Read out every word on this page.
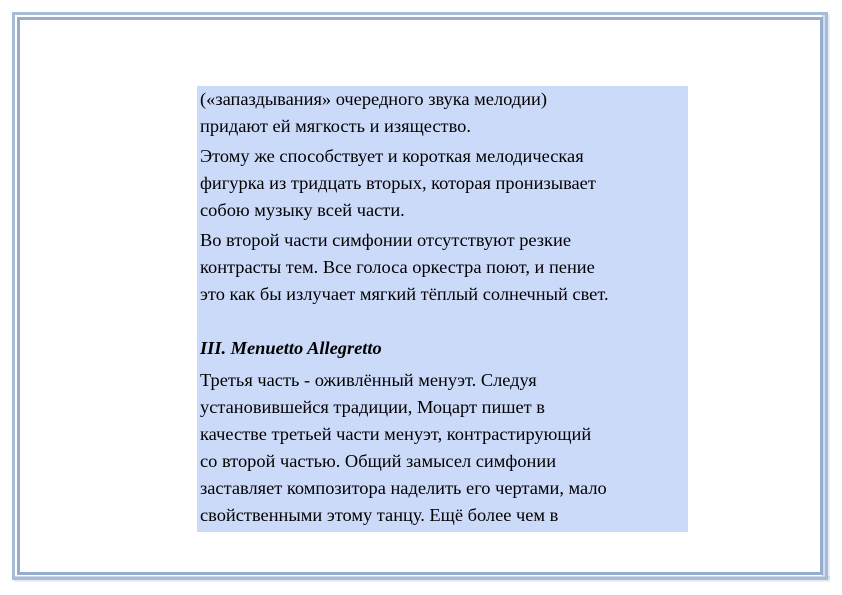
(«запаздывания» очередного звука мелодии)
придают ей мягкость и изящество.
Этому же способствует и короткая мелодическая
фигурка из тридцать вторых, которая пронизывает
собою музыку всей части.
Во второй части симфонии отсутствуют резкие
контрасты тем. Все голоса оркестра поют, и пение
это как бы излучает мягкий тёплый солнечный свет.
III. Menuetto Allegretto
Третья часть - оживлённый менуэт. Следуя
установившейся традиции, Моцарт пишет в
качестве третьей части менуэт, контрастирующий
со второй частью. Общий замысел симфонии
заставляет композитора наделить его чертами, мало
свойственными этому танцу. Ещё более чем в
